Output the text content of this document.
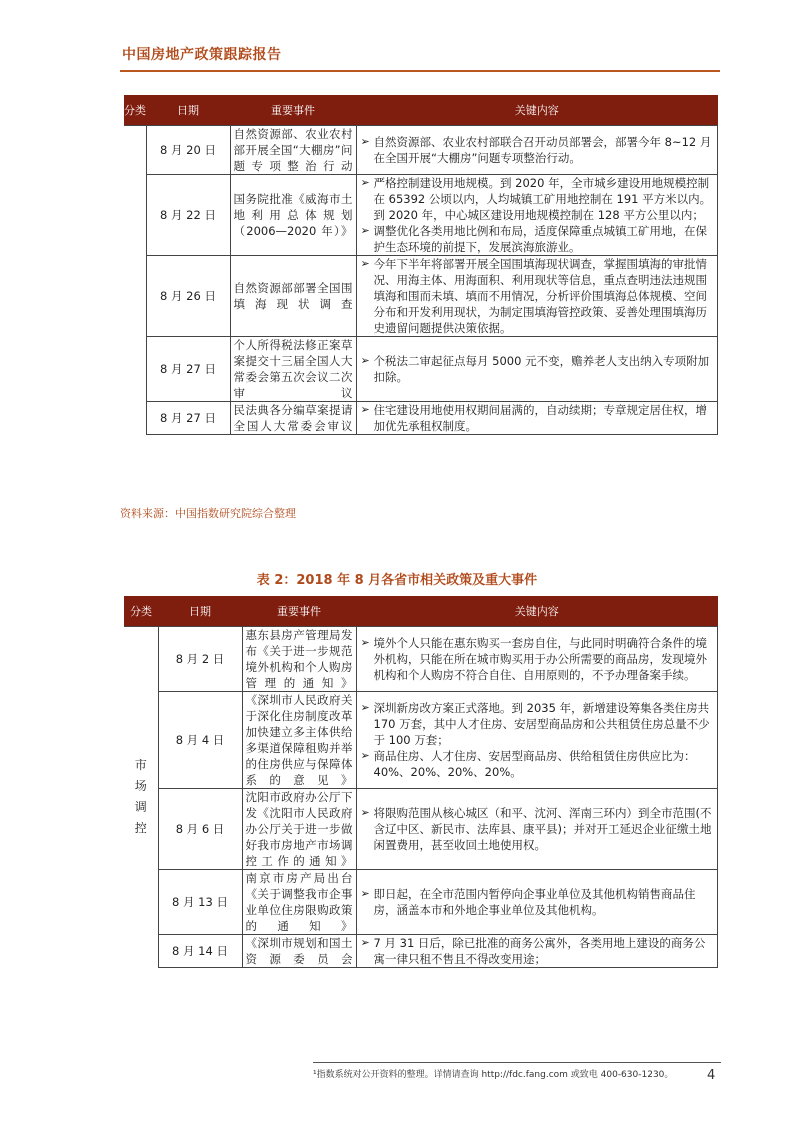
中国房地产政策跟踪报告
分类	日期	重要事件	关键内容
	8 月 20 日	自然资源部、农业农村部开展全国“大棚房”问题专项整治行动	➢ 自然资源部、农业农村部联合召开动员部署会，部署今年 8~12 月在全国开展“大棚房”问题专项整治行动。

	8 月 22 日	国务院批准《威海市土地利用总体规划（2006—2020 年）》	➢ 严格控制建设用地规模。到 2020 年，全市城乡建设用地规模控制在 65392 公顷以内，人均城镇工矿用地控制在 191 平方米以内。到 2020 年，中心城区建设用地规模控制在 128 平方公里以内；
➢ 调整优化各类用地比例和布局，适度保障重点城镇工矿用地，在保护生态环境的前提下，发展滨海旅游业。

	8 月 26 日	自然资源部部署全国围填海现状调查	➢ 今年下半年将部署开展全国围填海现状调查，掌握围填海的审批情况、用海主体、用海面积、利用现状等信息，重点查明违法违规围填海和围而未填、填而不用情况，分析评价围填海总体规模、空间分布和开发利用现状，为制定围填海管控政策、妥善处理围填海历史遗留问题提供决策依据。

	8 月 27 日	个人所得税法修正案草案提交十三届全国人大常委会第五次会议二次审议	➢ 个税法二审起征点每月 5000 元不变，赡养老人支出纳入专项附加扣除。

	8 月 27 日	民法典各分编草案提请全国人大常委会审议	➢ 住宅建设用地使用权期间届满的，自动续期；专章规定居住权，增加优先承租权制度。
资料来源：中国指数研究院综合整理
表 2：2018 年 8 月各省市相关政策及重大事件
分类	日期	重要事件	关键内容
市场调控	8 月 2 日	惠东县房产管理局发布《关于进一步规范境外机构和个人购房管理的通知》	➢ 境外个人只能在惠东购买一套房自住，与此同时明确符合条件的境外机构，只能在所在城市购买用于办公所需要的商品房，发现境外机构和个人购房不符合自住、自用原则的，不予办理备案手续。

	8 月 4 日	《深圳市人民政府关于深化住房制度改革加快建立多主体供给多渠道保障租购并举的住房供应与保障体系的意见》	➢ 深圳新房改方案正式落地。到 2035 年，新增建设筹集各类住房共 170 万套，其中人才住房、安居型商品房和公共租赁住房总量不少于 100 万套；
➢ 商品住房、人才住房、安居型商品房、供给租赁住房供应比为：40%、20%、20%、20%。

	8 月 6 日	沈阳市政府办公厅下发《沈阳市人民政府办公厅关于进一步做好我市房地产市场调控工作的通知》	➢ 将限购范围从核心城区（和平、沈河、浑南三环内）到全市范围(不含辽中区、新民市、法库县、康平县)；并对开工延迟企业征缴土地闲置费用，甚至收回土地使用权。

	8 月 13 日	南京市房产局出台《关于调整我市企事业单位住房限购政策的通知》	➢ 即日起，在全市范围内暂停向企事业单位及其他机构销售商品住房，涵盖本市和外地企事业单位及其他机构。

	8 月 14 日	《深圳市规划和国土资源委员会	➢ 7 月 31 日后，除已批准的商务公寓外，各类用地上建设的商务公寓一律只租不售且不得改变用途；
¹指数系统对公开资料的整理。详情请查询 http://fdc.fang.com 或致电 400-630-1230。	4
